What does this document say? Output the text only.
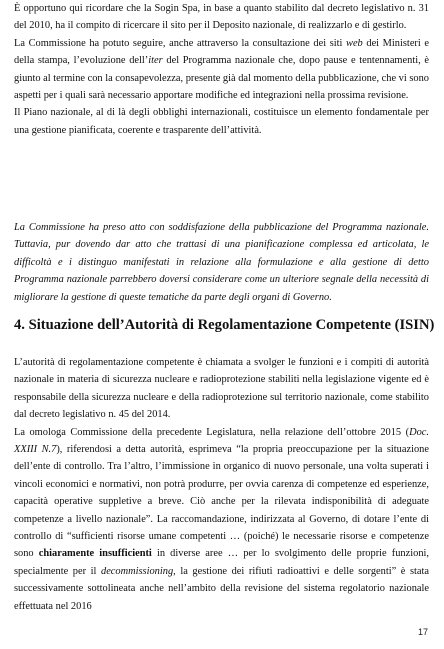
È opportuno qui ricordare che la Sogin Spa, in base a quanto stabilito dal decreto legislativo n. 31 del 2010, ha il compito di ricercare il sito per il Deposito nazionale, di realizzarlo e di gestirlo.

La Commissione ha potuto seguire, anche attraverso la consultazione dei siti web dei Ministeri e della stampa, l’evoluzione dell’iter del Programma nazionale che, dopo pause e tentennamenti, è giunto al termine con la consapevolezza, presente già dal momento della pubblicazione, che vi sono aspetti per i quali sarà necessario apportare modifiche ed integrazioni nella prossima revisione.

Il Piano nazionale, al di là degli obblighi internazionali, costituisce un elemento fondamentale per una gestione pianificata, coerente e trasparente dell’attività.

La Commissione ha preso atto con soddisfazione della pubblicazione del Programma nazionale. Tuttavia, pur dovendo dar atto che trattasi di una pianificazione complessa ed articolata, le difficoltà e i distinguo manifestati in relazione alla formulazione e alla gestione di detto Programma nazionale parrebbero doversi considerare come un ulteriore segnale della necessità di migliorare la gestione di queste tematiche da parte degli organi di Governo.

4. Situazione dell’Autorità di Regolamentazione Competente (ISIN)

L’autorità di regolamentazione competente è chiamata a svolger le funzioni e i compiti di autorità nazionale in materia di sicurezza nucleare e radioprotezione stabiliti nella legislazione vigente ed è responsabile della sicurezza nucleare e della radioprotezione sul territorio nazionale, come stabilito dal decreto legislativo n. 45 del 2014.

La omologa Commissione della precedente Legislatura, nella relazione dell’ottobre 2015 (Doc. XXIII N.7), riferendosi a detta autorità, esprimeva “la propria preoccupazione per la situazione dell’ente di controllo. Tra l’altro, l’immissione in organico di nuovo personale, una volta superati i vincoli economici e normativi, non potrà produrre, per ovvia carenza di competenze ed esperienze, capacità operative suppletive a breve. Ciò anche per la rilevata indisponibilità di adeguate competenze a livello nazionale”. La raccomandazione, indirizzata al Governo, di dotare l’ente di controllo di “sufficienti risorse umane competenti … (poiché) le necessarie risorse e competenze sono chiaramente insufficienti in diverse aree … per lo svolgimento delle proprie funzioni, specialmente per il decommissioning, la gestione dei rifiuti radioattivi e delle sorgenti” è stata successivamente sottolineata anche nell’ambito della revisione del sistema regolatorio nazionale effettuata nel 2016

17
